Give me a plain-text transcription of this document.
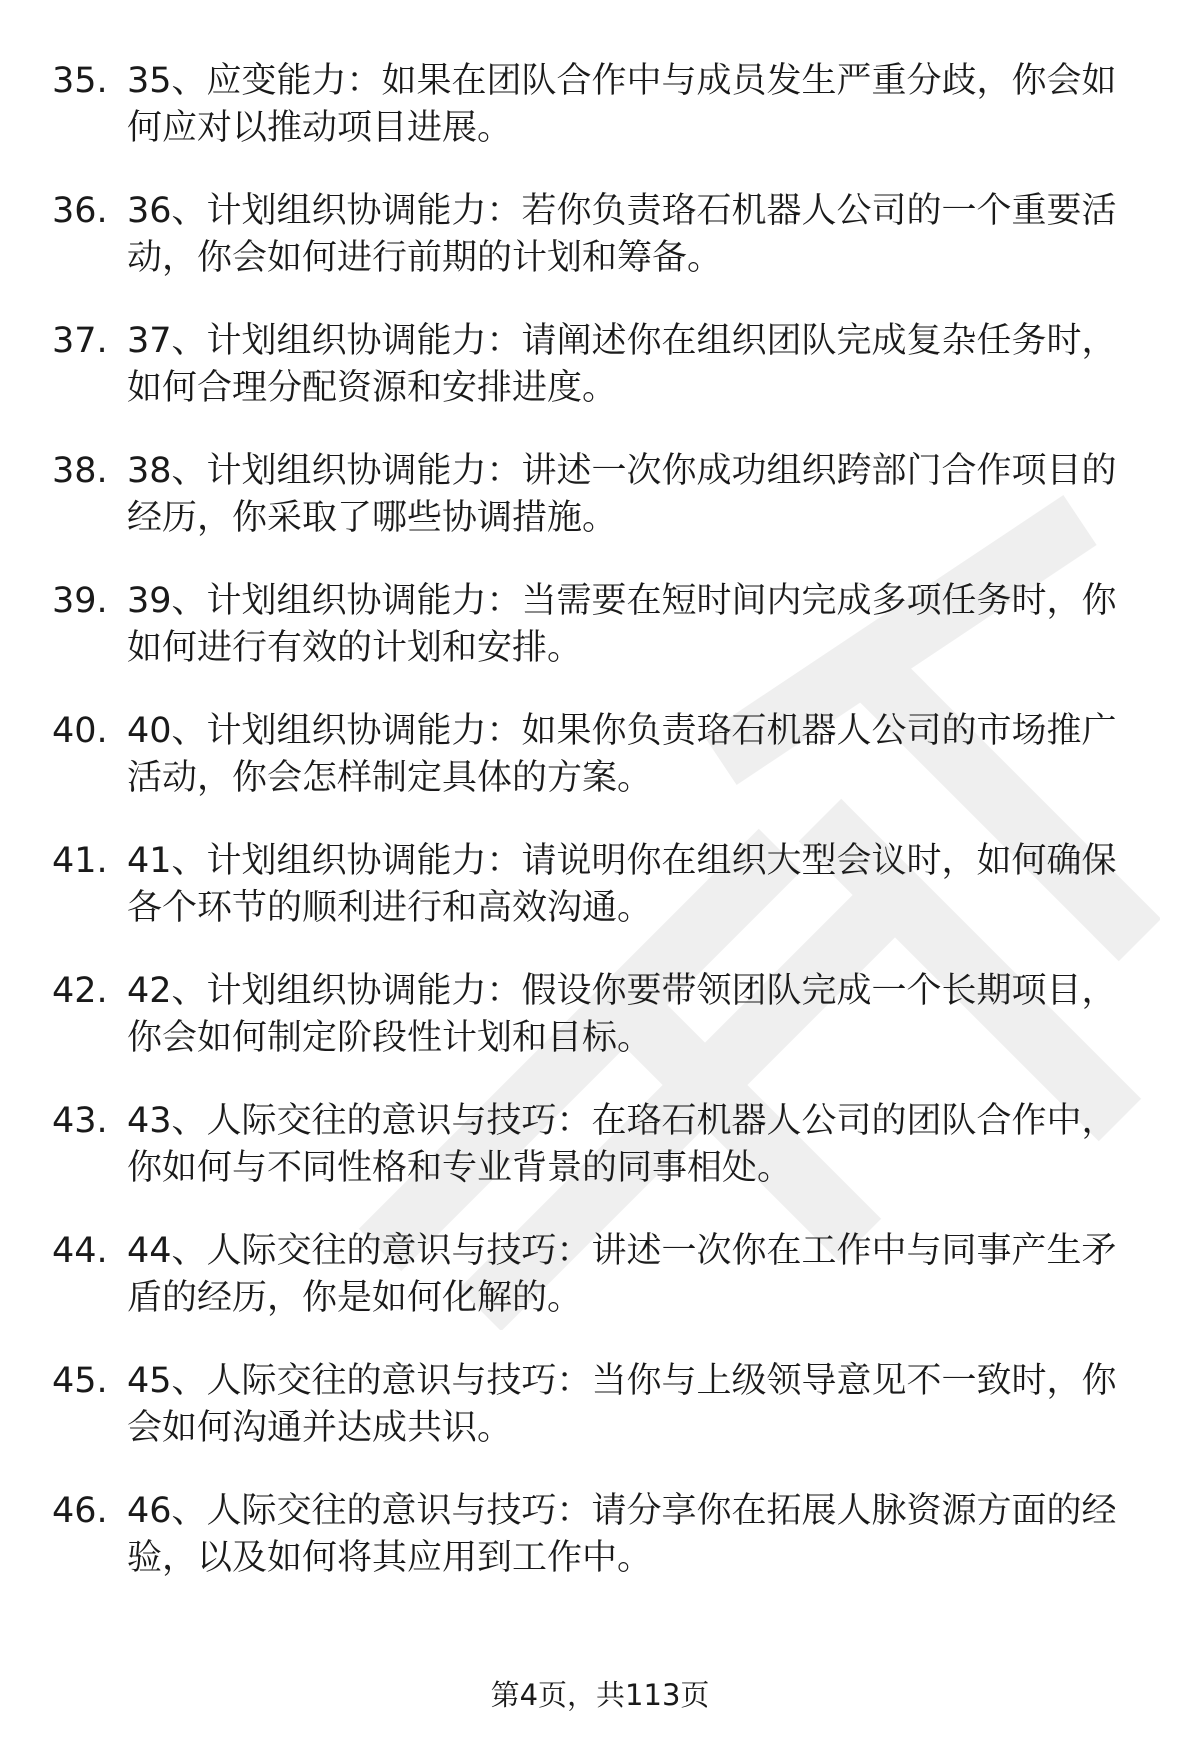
35. 35、应变能力：如果在团队合作中与成员发生严重分歧，你会如何应对以推动项目进展。

36. 36、计划组织协调能力：若你负责珞石机器人公司的一个重要活动，你会如何进行前期的计划和筹备。

37. 37、计划组织协调能力：请阐述你在组织团队完成复杂任务时，如何合理分配资源和安排进度。

38. 38、计划组织协调能力：讲述一次你成功组织跨部门合作项目的经历，你采取了哪些协调措施。

39. 39、计划组织协调能力：当需要在短时间内完成多项任务时，你如何进行有效的计划和安排。

40. 40、计划组织协调能力：如果你负责珞石机器人公司的市场推广活动，你会怎样制定具体的方案。

41. 41、计划组织协调能力：请说明你在组织大型会议时，如何确保各个环节的顺利进行和高效沟通。

42. 42、计划组织协调能力：假设你要带领团队完成一个长期项目，你会如何制定阶段性计划和目标。

43. 43、人际交往的意识与技巧：在珞石机器人公司的团队合作中，你如何与不同性格和专业背景的同事相处。

44. 44、人际交往的意识与技巧：讲述一次你在工作中与同事产生矛盾的经历，你是如何化解的。

45. 45、人际交往的意识与技巧：当你与上级领导意见不一致时，你会如何沟通并达成共识。

46. 46、人际交往的意识与技巧：请分享你在拓展人脉资源方面的经验，以及如何将其应用到工作中。

第4页，共113页
